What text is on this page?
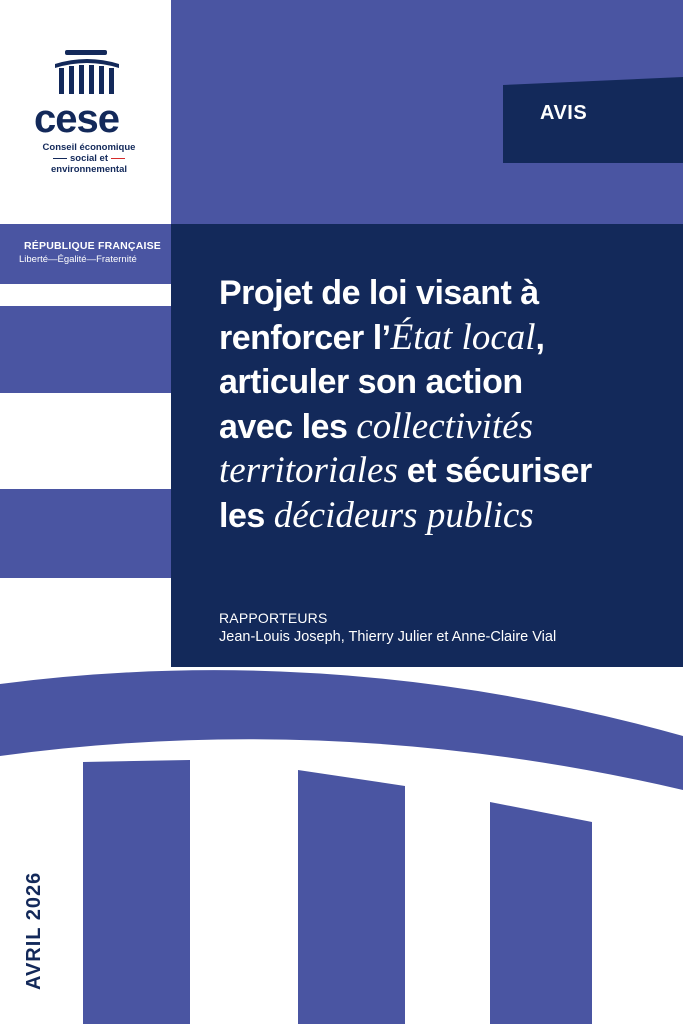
AVIS
cese
Conseil économique
social et
environnemental
RÉPUBLIQUE FRANÇAISE
Liberté—Égalité—Fraternité
Projet de loi visant à
renforcer l’État local,
articuler son action
avec les collectivités
territoriales et sécuriser
les décideurs publics
RAPPORTEURS
Jean-Louis Joseph, Thierry Julier et Anne-Claire Vial
AVRIL 2026
